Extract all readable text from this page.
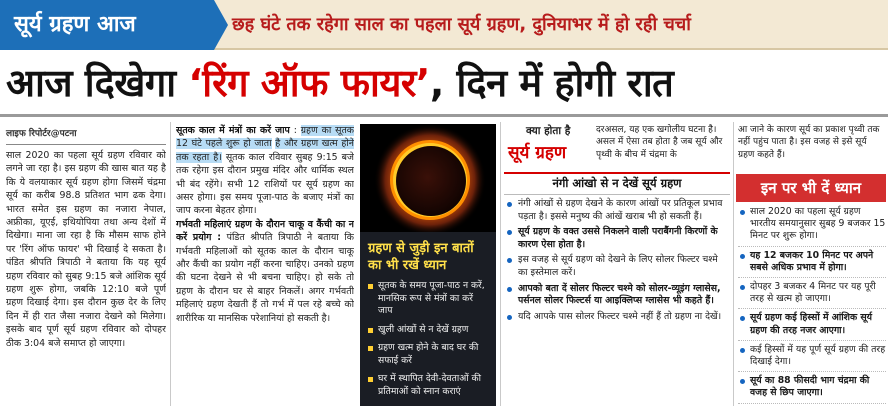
सूर्य ग्रहण आज	छह घंटे तक रहेगा साल का पहला सूर्य ग्रहण, दुनियाभर में हो रही चर्चा
आज दिखेगा ‘रिंग ऑफ फायर’, दिन में होगी रात
लाइफ रिपोर्टर@पटना
साल 2020 का पहला सूर्य ग्रहण रविवार को लगने जा रहा है। इस ग्रहण की खास बात यह है कि ये वलयाकार सूर्य ग्रहण होगा जिसमें चंद्रमा सूर्य का करीब 98.8 प्रतिशत भाग ढक देगा। भारत समेत इस ग्रहण का नजारा नेपाल, अफ्रीका, यूएई, इथियोपिया तथा अन्य देशों में दिखेगा। माना जा रहा है कि मौसम साफ होने पर 'रिंग ऑफ फायर' भी दिखाई दे सकता है। पंडित श्रीपति त्रिपाठी ने बताया कि यह सूर्य ग्रहण रविवार को सुबह 9:15 बजे आंशिक सूर्य ग्रहण शुरू होगा, जबकि 12:10 बजे पूर्ण ग्रहण दिखाई देगा। इस दौरान कुछ देर के लिए दिन में ही रात जैसा नजारा देखने को मिलेगा। इसके बाद पूर्ण सूर्य ग्रहण रविवार को दोपहर ठीक 3:04 बजे समाप्त हो जाएगा।
सूतक काल में मंत्रों का करें जाप : ग्रहण का सूतक 12 घंटे पहले शुरू हो जाता है और ग्रहण खत्म होने तक रहता है। सूतक काल रविवार सुबह 9:15 बजे तक रहेगा इस दौरान प्रमुख मंदिर और धार्मिक स्थल भी बंद रहेंगे। सभी 12 राशियों पर सूर्य ग्रहण का असर होगा। इस समय पूजा-पाठ के बजाए मंत्रों का जाप करना बेहतर होगा।
गर्भवती महिलाएं ग्रहण के दौरान चाकू व कैंची का न करें प्रयोग : पंडित श्रीपति त्रिपाठी ने बताया कि गर्भवती महिलाओं को सूतक काल के दौरान चाकू और कैंची का प्रयोग नहीं करना चाहिए। उनको ग्रहण की घटना देखने से भी बचना चाहिए। हो सके तो ग्रहण के दौरान घर से बाहर निकलें। अगर गर्भवती महिलाएं ग्रहण देखती हैं तो गर्भ में पल रहे बच्चे को शारीरिक या मानसिक परेशानियां हो सकती है।
ग्रहण से जुड़ी इन बातों का भी रखें ध्यान
सूतक के समय पूजा-पाठ न करें, मानसिक रूप से मंत्रों का करें जाप
खुली आंखों से न देखें ग्रहण
ग्रहण खत्म होने के बाद घर की सफाई करें
घर में स्थापित देवी-देवताओं की प्रतिमाओं को स्नान कराएं
क्या होता है
सूर्य ग्रहण
दरअसल, यह एक खगोलीय घटना है। असल में ऐसा तब होता है जब सूर्य और पृथ्वी के बीच में चंद्रमा के
नंगी आंखो से न देखें सूर्य ग्रहण
नंगी आंखों से ग्रहण देखने के कारण आंखों पर प्रतिकूल प्रभाव पड़ता है। इससे मनुष्य की आंखें खराब भी हो सकती हैं।
सूर्य ग्रहण के वक्त उससे निकलने वाली पराबैंगनी किरणों के कारण ऐसा होता है।
इस वजह से सूर्य ग्रहण को देखने के लिए सोलर फिल्टर चश्मे का इस्तेमाल करें।
आपको बता दें सोलर फिल्टर चश्मे को सोलर-व्यूइंग ग्लासेस, पर्सनल सोलर फिल्टर्स या आइक्लिप्स ग्लासेस भी कहते हैं।
यदि आपके पास सोलर फिल्टर चश्मे नहीं हैं तो ग्रहण ना देखें।
आ जाने के कारण सूर्य का प्रकाश पृथ्वी तक नहीं पहुंच पाता है। इस वजह से इसे सूर्य ग्रहण कहते हैं।
इन पर भी दें ध्यान
साल 2020 का पहला सूर्य ग्रहण भारतीय समयानुसार सुबह 9 बजकर 15 मिनट पर शुरू होगा।
यह 12 बजकर 10 मिनट पर अपने सबसे अधिक प्रभाव में होगा।
दोपहर 3 बजकर 4 मिनट पर यह पूरी तरह से खत्म हो जाएगा।
सूर्य ग्रहण कई हिस्सों में आंशिक सूर्य ग्रहण की तरह नजर आएगा।
कई हिस्सों में यह पूर्ण सूर्य ग्रहण की तरह दिखाई देगा।
सूर्य का 88 फीसदी भाग चंद्रमा की वजह से छिप जाएगा।
